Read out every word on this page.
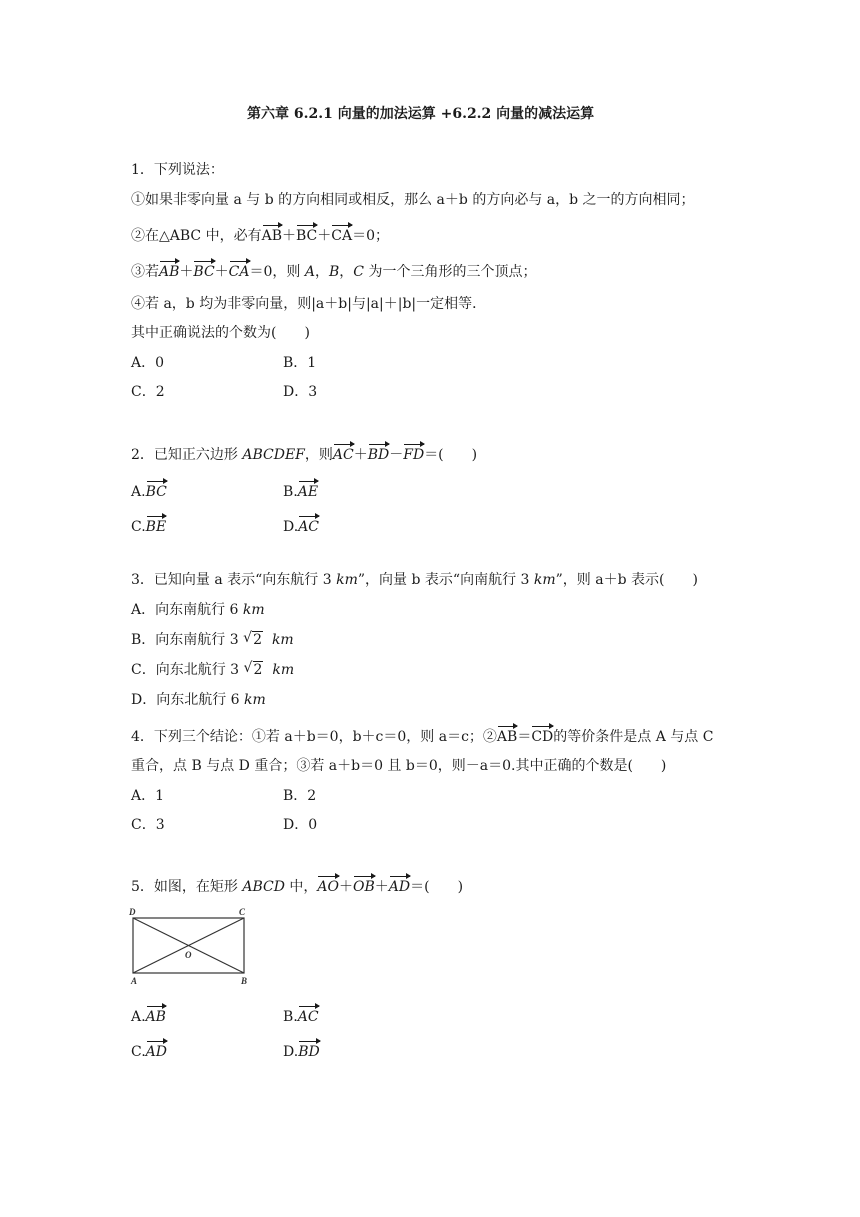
第六章 6.2.1 向量的加法运算 +6.2.2 向量的减法运算
1．下列说法：
①如果非零向量 a 与 b 的方向相同或相反，那么 a＋b 的方向必与 a，b 之一的方向相同；
②在△ABC 中，必有AB＋BC＋CA＝0；
③若AB＋BC＋CA＝0，则 A，B，C 为一个三角形的三个顶点；
④若 a，b 均为非零向量，则|a＋b|与|a|＋|b|一定相等．
其中正确说法的个数为(　　)
A．0	B．1
C．2	D．3
2．已知正六边形 ABCDEF，则AC＋BD－FD＝(　　)
A.BC	B.AE
C.BE	D.AC
3．已知向量 a 表示“向东航行 3 km”，向量 b 表示“向南航行 3 km”，则 a＋b 表示(　　)
A．向东南航行 6 km
B．向东南航行 3 √ 2 km
C．向东北航行 3 √ 2 km
D．向东北航行 6 km
4．下列三个结论：①若 a＋b＝0，b＋c＝0，则 a＝c；②AB＝CD的等价条件是点 A 与点 C
重合，点 B 与点 D 重合；③若 a＋b＝0 且 b＝0，则－a＝0.其中正确的个数是(　　)
A．1	B．2
C．3	D．0
5．如图，在矩形 ABCD 中，AO＋OB＋AD＝(　　)
D	C
A	B
O
A.AB	B.AC
C.AD	D.BD
